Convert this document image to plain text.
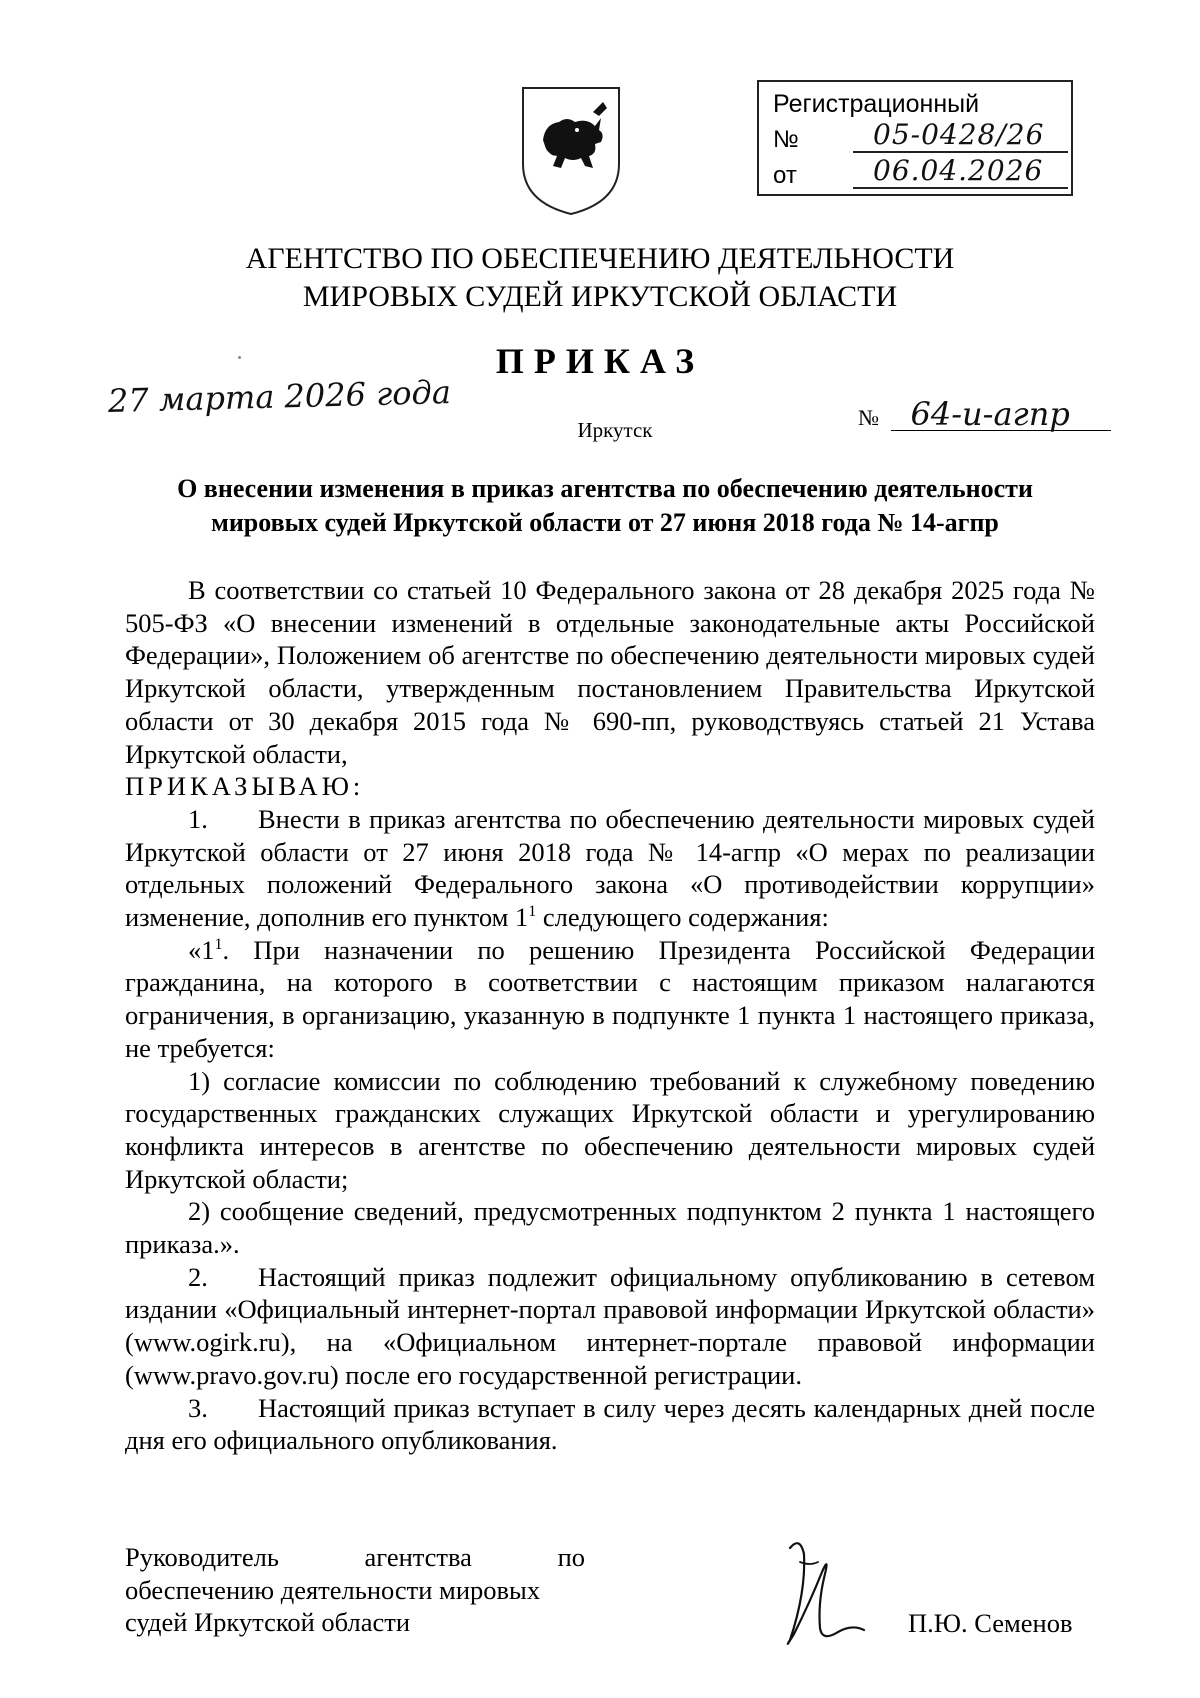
Регистрационный
№	05-0428/26
от	06.04.2026
АГЕНТСТВО ПО ОБЕСПЕЧЕНИЮ ДЕЯТЕЛЬНОСТИ
МИРОВЫХ СУДЕЙ ИРКУТСКОЙ ОБЛАСТИ
ПРИКАЗ
27 марта 2026 года	№ 64-и-агпр
Иркутск
О внесении изменения в приказ агентства по обеспечению деятельности
мировых судей Иркутской области от 27 июня 2018 года № 14-агпр

В соответствии со статьей 10 Федерального закона от 28 декабря 2025 года № 505-ФЗ «О внесении изменений в отдельные законодательные акты Российской Федерации», Положением об агентстве по обеспечению деятельности мировых судей Иркутской области, утвержденным постановлением Правительства Иркутской области от 30 декабря 2015 года № 690-пп, руководствуясь статьей 21 Устава Иркутской области,

ПРИКАЗЫВАЮ:

1. Внести в приказ агентства по обеспечению деятельности мировых судей Иркутской области от 27 июня 2018 года № 14-агпр «О мерах по реализации отдельных положений Федерального закона «О противодействии коррупции» изменение, дополнив его пунктом $1^1$ следующего содержания:

«$1^1$. При назначении по решению Президента Российской Федерации гражданина, на которого в соответствии с настоящим приказом налагаются ограничения, в организацию, указанную в подпункте 1 пункта 1 настоящего приказа, не требуется:

1) согласие комиссии по соблюдению требований к служебному поведению государственных гражданских служащих Иркутской области и урегулированию конфликта интересов в агентстве по обеспечению деятельности мировых судей Иркутской области;

2) сообщение сведений, предусмотренных подпунктом 2 пункта 1 настоящего приказа.».

2. Настоящий приказ подлежит официальному опубликованию в сетевом издании «Официальный интернет-портал правовой информации Иркутской области» (www.ogirk.ru), на «Официальном интернет-портале правовой информации (www.pravo.gov.ru) после его государственной регистрации.

3. Настоящий приказ вступает в силу через десять календарных дней после дня его официального опубликования.

Руководитель	агентства	по

обеспечению деятельности мировых

судей Иркутской области	П.Ю. Семенов
